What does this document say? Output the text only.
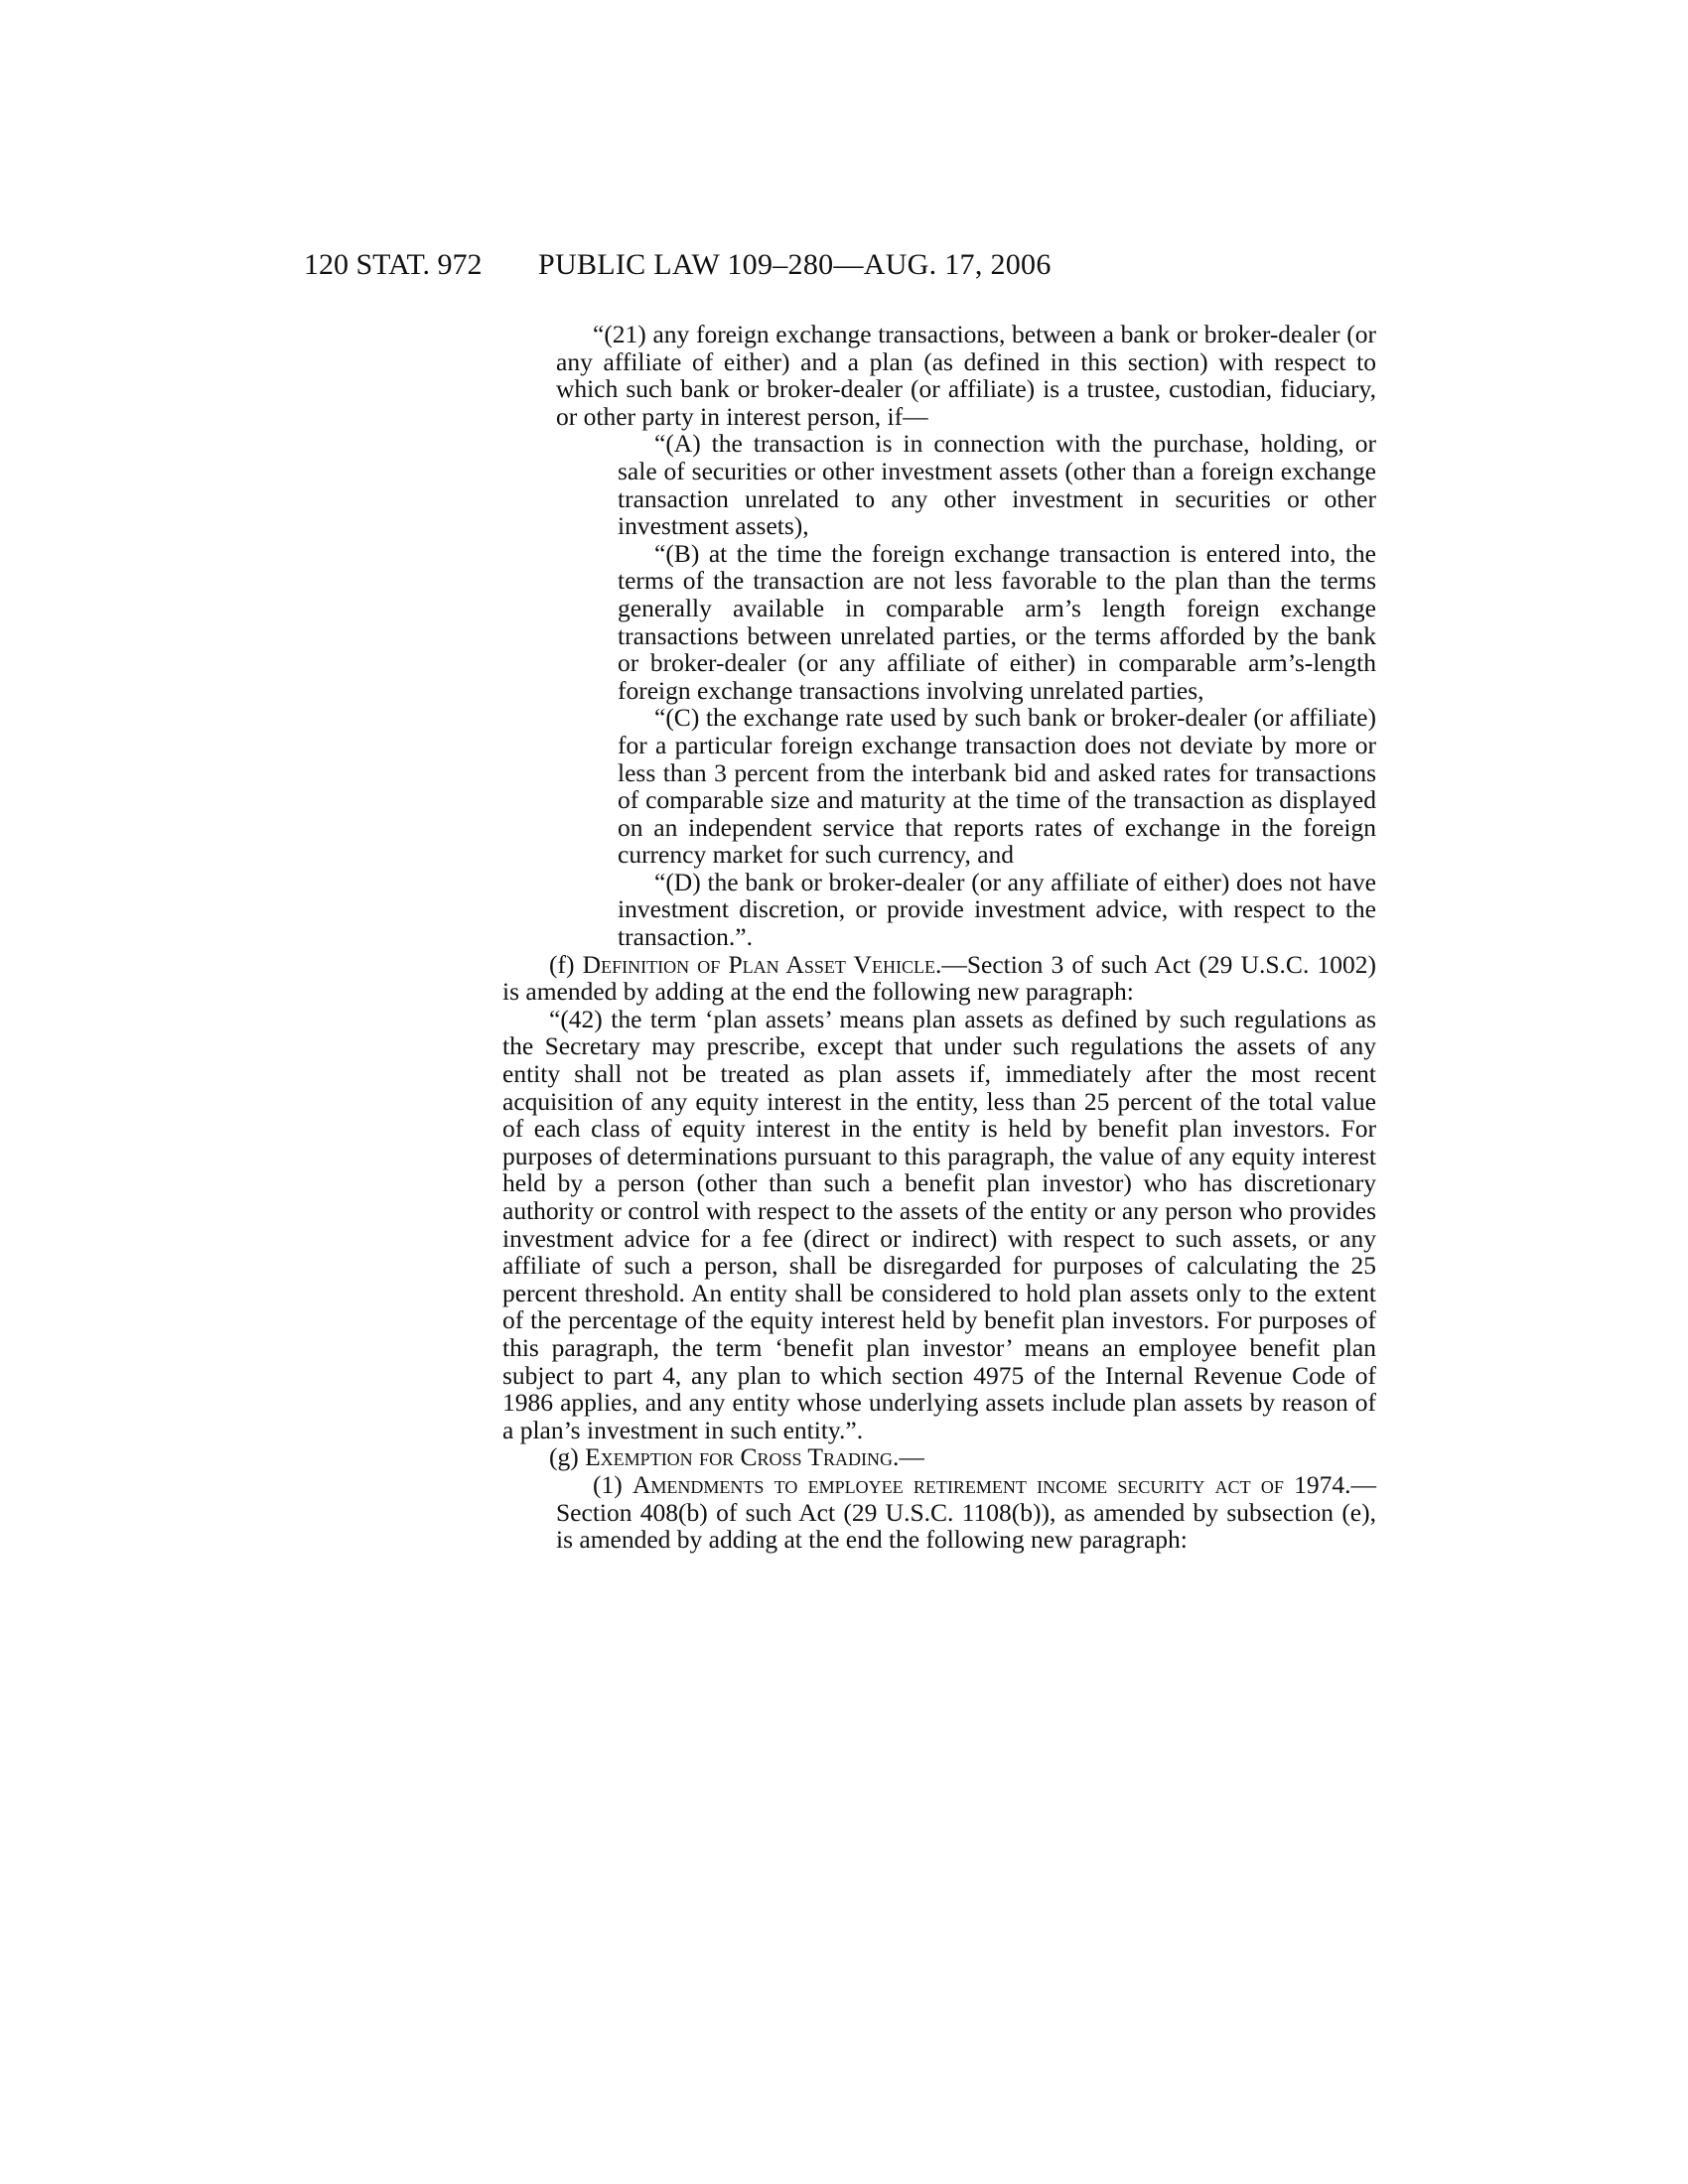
120 STAT. 972 PUBLIC LAW 109–280—AUG. 17, 2006

“(21) any foreign exchange transactions, between a bank or broker-dealer (or any affiliate of either) and a plan (as defined in this section) with respect to which such bank or broker-dealer (or affiliate) is a trustee, custodian, fiduciary, or other party in interest person, if—

“(A) the transaction is in connection with the purchase, holding, or sale of securities or other investment assets (other than a foreign exchange transaction unrelated to any other investment in securities or other investment assets),

“(B) at the time the foreign exchange transaction is entered into, the terms of the transaction are not less favorable to the plan than the terms generally available in comparable arm’s length foreign exchange transactions between unrelated parties, or the terms afforded by the bank or broker-dealer (or any affiliate of either) in comparable arm’s-length foreign exchange transactions involving unrelated parties,

“(C) the exchange rate used by such bank or broker-dealer (or affiliate) for a particular foreign exchange transaction does not deviate by more or less than 3 percent from the interbank bid and asked rates for transactions of comparable size and maturity at the time of the transaction as displayed on an independent service that reports rates of exchange in the foreign currency market for such currency, and

“(D) the bank or broker-dealer (or any affiliate of either) does not have investment discretion, or provide investment advice, with respect to the transaction.”.

(f) Definition of Plan Asset Vehicle.—Section 3 of such Act (29 U.S.C. 1002) is amended by adding at the end the following new paragraph:

“(42) the term ‘plan assets’ means plan assets as defined by such regulations as the Secretary may prescribe, except that under such regulations the assets of any entity shall not be treated as plan assets if, immediately after the most recent acquisition of any equity interest in the entity, less than 25 percent of the total value of each class of equity interest in the entity is held by benefit plan investors. For purposes of determinations pursuant to this paragraph, the value of any equity interest held by a person (other than such a benefit plan investor) who has discretionary authority or control with respect to the assets of the entity or any person who provides investment advice for a fee (direct or indirect) with respect to such assets, or any affiliate of such a person, shall be disregarded for purposes of calculating the 25 percent threshold. An entity shall be considered to hold plan assets only to the extent of the percentage of the equity interest held by benefit plan investors. For purposes of this paragraph, the term ‘benefit plan investor’ means an employee benefit plan subject to part 4, any plan to which section 4975 of the Internal Revenue Code of 1986 applies, and any entity whose underlying assets include plan assets by reason of a plan’s investment in such entity.”.

(g) Exemption for Cross Trading.—

(1) Amendments to employee retirement income security act of 1974.—Section 408(b) of such Act (29 U.S.C. 1108(b)), as amended by subsection (e), is amended by adding at the end the following new paragraph:
